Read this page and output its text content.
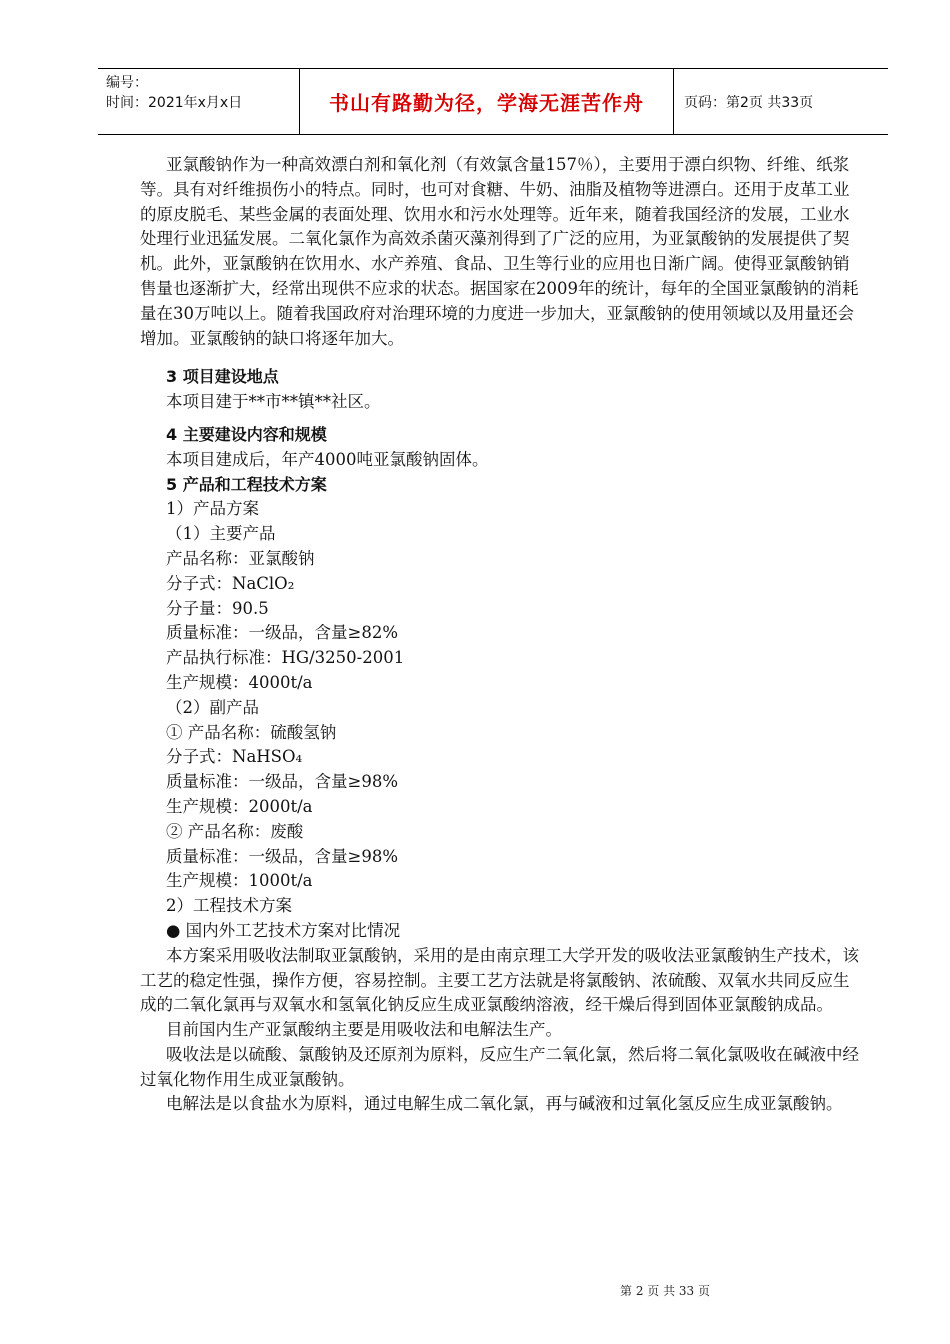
编号：
时间：2021年x月x日	书山有路勤为径，学海无涯苦作舟	页码：第2页 共33页

亚氯酸钠作为一种高效漂白剂和氧化剂（有效氯含量157％），主要用于漂白织物、纤维、纸浆等。具有对纤维损伤小的特点。同时，也可对食糖、牛奶、油脂及植物等进漂白。还用于皮革工业的原皮脱毛、某些金属的表面处理、饮用水和污水处理等。近年来，随着我国经济的发展，工业水处理行业迅猛发展。二氧化氯作为高效杀菌灭藻剂得到了广泛的应用，为亚氯酸钠的发展提供了契机。此外，亚氯酸钠在饮用水、水产养殖、食品、卫生等行业的应用也日渐广阔。使得亚氯酸钠销售量也逐渐扩大，经常出现供不应求的状态。据国家在2009年的统计，每年的全国亚氯酸钠的消耗量在30万吨以上。随着我国政府对治理环境的力度进一步加大，亚氯酸钠的使用领域以及用量还会增加。亚氯酸钠的缺口将逐年加大。

3 项目建设地点

本项目建于**市**镇**社区。

4 主要建设内容和规模

本项目建成后，年产4000吨亚氯酸钠固体。

5 产品和工程技术方案

1）产品方案

（1）主要产品

产品名称：亚氯酸钠

分子式：NaClO₂

分子量：90.5

质量标准：一级品，含量≥82%

产品执行标准：HG/3250-2001

生产规模：4000t/a

（2）副产品

① 产品名称：硫酸氢钠

分子式：NaHSO₄

质量标准：一级品，含量≥98%

生产规模：2000t/a

② 产品名称：废酸

质量标准：一级品，含量≥98%

生产规模：1000t/a

2）工程技术方案

● 国内外工艺技术方案对比情况

本方案采用吸收法制取亚氯酸钠，采用的是由南京理工大学开发的吸收法亚氯酸钠生产技术，该工艺的稳定性强，操作方便，容易控制。主要工艺方法就是将氯酸钠、浓硫酸、双氧水共同反应生成的二氧化氯再与双氧水和氢氧化钠反应生成亚氯酸纳溶液，经干燥后得到固体亚氯酸钠成品。

目前国内生产亚氯酸纳主要是用吸收法和电解法生产。

吸收法是以硫酸、氯酸钠及还原剂为原料，反应生产二氧化氯，然后将二氧化氯吸收在碱液中经过氧化物作用生成亚氯酸钠。

电解法是以食盐水为原料，通过电解生成二氧化氯，再与碱液和过氧化氢反应生成亚氯酸钠。

第 2 页 共 33 页
